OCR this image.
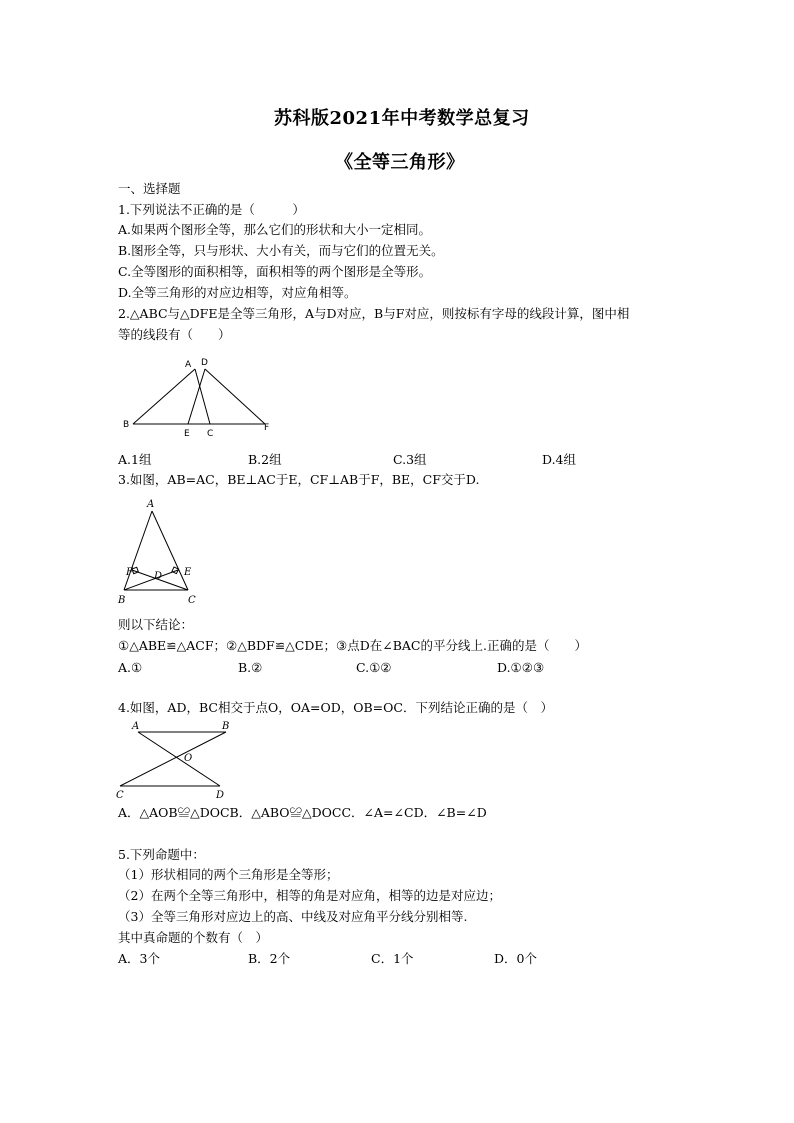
苏科版2021年中考数学总复习
《全等三角形》
一、选择题
1.下列说法不正确的是（　　　）
A.如果两个图形全等，那么它们的形状和大小一定相同。
B.图形全等，只与形状、大小有关，而与它们的位置无关。
C.全等图形的面积相等，面积相等的两个图形是全等形。
D.全等三角形的对应边相等，对应角相等。
2.△ABC与△DFE是全等三角形，A与D对应，B与F对应，则按标有字母的线段计算，图中相
等的线段有（　　）
A D
B
E C
F
A.1组	B.2组	C.3组	D.4组
3.如图，AB=AC，BE⊥AC于E，CF⊥AB于F，BE，CF交于D.
A
F D E
B	C
则以下结论：
①△ABE≌△ACF；②△BDF≌△CDE；③点D在∠BAC的平分线上.正确的是（　　）
A.①	B.②	C.①②	D.①②③
4.如图，AD，BC相交于点O，OA=OD，OB=OC．下列结论正确的是（　）
A	B
O
C	D
A．△AOB≌△DOCB．△ABO≌△DOCC．∠A=∠CD．∠B=∠D
5.下列命题中：
（1）形状相同的两个三角形是全等形；
（2）在两个全等三角形中，相等的角是对应角，相等的边是对应边；
（3）全等三角形对应边上的高、中线及对应角平分线分别相等.
其中真命题的个数有（　）
A．3个	B．2个	C．1个	D．0个
